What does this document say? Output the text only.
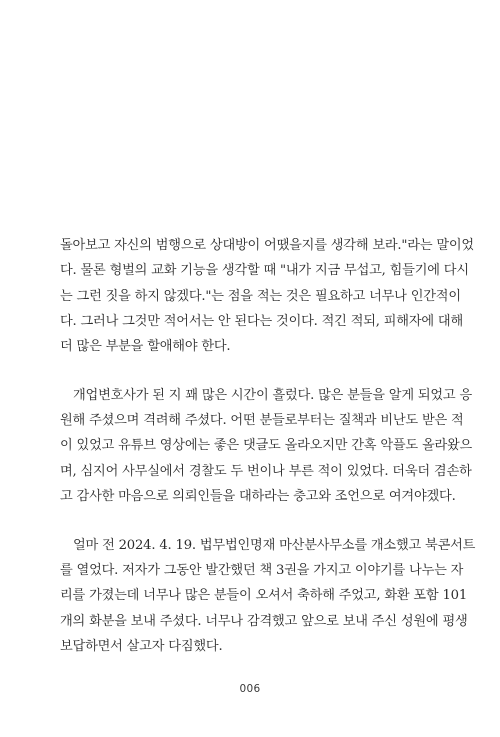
돌아보고 자신의 범행으로 상대방이 어땠을지를 생각해 보라."라는 말이었
다. 물론 형벌의 교화 기능을 생각할 때 "내가 지금 무섭고, 힘들기에 다시
는 그런 짓을 하지 않겠다."는 점을 적는 것은 필요하고 너무나 인간적이
다. 그러나 그것만 적어서는 안 된다는 것이다. 적긴 적되, 피해자에 대해
더 많은 부분을 할애해야 한다.
개업변호사가 된 지 꽤 많은 시간이 흘렀다. 많은 분들을 알게 되었고 응
원해 주셨으며 격려해 주셨다. 어떤 분들로부터는 질책과 비난도 받은 적
이 있었고 유튜브 영상에는 좋은 댓글도 올라오지만 간혹 악플도 올라왔으
며, 심지어 사무실에서 경찰도 두 번이나 부른 적이 있었다. 더욱더 겸손하
고 감사한 마음으로 의뢰인들을 대하라는 충고와 조언으로 여겨야겠다.
얼마 전 2024. 4. 19. 법무법인명재 마산분사무소를 개소했고 북콘서트
를 열었다. 저자가 그동안 발간했던 책 3권을 가지고 이야기를 나누는 자
리를 가졌는데 너무나 많은 분들이 오셔서 축하해 주었고, 화환 포함 101
개의 화분을 보내 주셨다. 너무나 감격했고 앞으로 보내 주신 성원에 평생
보답하면서 살고자 다짐했다.
006
